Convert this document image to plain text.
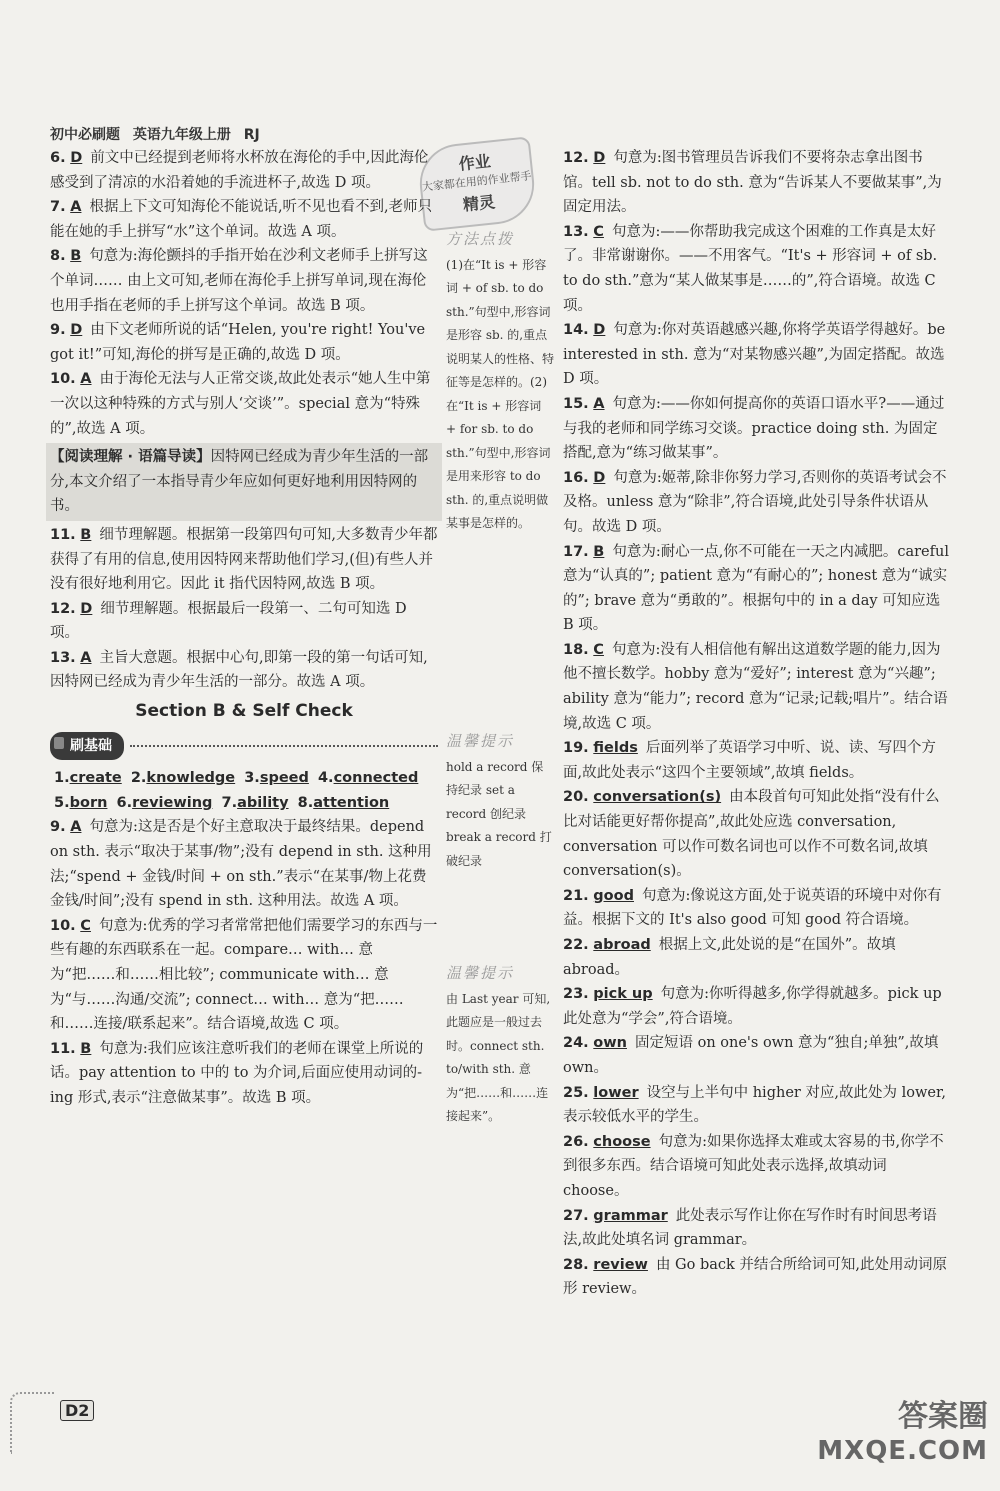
初中必刷题 英语九年级上册 RJ
作业
大家都在用的作业帮手

精灵
6. D 前文中已经提到老师将水杯放在海伦的手中,因此海伦感受到了清凉的水沿着她的手流进杯子,故选 D 项。
7. A 根据上下文可知海伦不能说话,听不见也看不到,老师只能在她的手上拼写“水”这个单词。故选 A 项。
8. B 句意为:海伦颤抖的手指开始在沙利文老师手上拼写这个单词…… 由上文可知,老师在海伦手上拼写单词,现在海伦也用手指在老师的手上拼写这个单词。故选 B 项。
9. D 由下文老师所说的话“Helen, you're right! You've got it!”可知,海伦的拼写是正确的,故选 D 项。
10. A 由于海伦无法与人正常交谈,故此处表示“她人生中第一次以这种特殊的方式与别人‘交谈’”。special 意为“特殊的”,故选 A 项。
【阅读理解 · 语篇导读】因特网已经成为青少年生活的一部分,本文介绍了一本指导青少年应如何更好地利用因特网的书。
11. B 细节理解题。根据第一段第四句可知,大多数青少年都获得了有用的信息,使用因特网来帮助他们学习,(但)有些人并没有很好地利用它。因此 it 指代因特网,故选 B 项。
12. D 细节理解题。根据最后一段第一、二句可知选 D 项。
13. A 主旨大意题。根据中心句,即第一段的第一句话可知,因特网已经成为青少年生活的一部分。故选 A 项。
Section B & Self Check
刷基础
1.create 2.knowledge 3.speed 4.connected
5.born 6.reviewing 7.ability 8.attention
9. A 句意为:这是否是个好主意取决于最终结果。depend on sth. 表示“取决于某事/物”;没有 depend in sth. 这种用法;“spend + 金钱/时间 + on sth.”表示“在某事/物上花费金钱/时间”;没有 spend in sth. 这种用法。故选 A 项。
10. C 句意为:优秀的学习者常常把他们需要学习的东西与一些有趣的东西联系在一起。compare… with… 意为“把……和……相比较”; communicate with… 意为“与……沟通/交流”; connect… with… 意为“把……和……连接/联系起来”。结合语境,故选 C 项。
11. B 句意为:我们应该注意听我们的老师在课堂上所说的话。pay attention to 中的 to 为介词,后面应使用动词的-ing 形式,表示“注意做某事”。故选 B 项。
方法点拨
(1)在“It is + 形容词 + of sb. to do sth.”句型中,形容词是形容 sb. 的,重点说明某人的性格、特征等是怎样的。(2)在“It is + 形容词 + for sb. to do sth.”句型中,形容词是用来形容 to do sth. 的,重点说明做某事是怎样的。
温馨提示
hold a record 保持纪录 set a record 创纪录 break a record 打破纪录
温馨提示
由 Last year 可知,此题应是一般过去时。connect sth. to/with sth. 意为“把……和……连接起来”。
12. D 句意为:图书管理员告诉我们不要将杂志拿出图书馆。tell sb. not to do sth. 意为“告诉某人不要做某事”,为固定用法。
13. C 句意为:——你帮助我完成这个困难的工作真是太好了。非常谢谢你。——不用客气。“It's + 形容词 + of sb. to do sth.”意为“某人做某事是……的”,符合语境。故选 C 项。
14. D 句意为:你对英语越感兴趣,你将学英语学得越好。be interested in sth. 意为“对某物感兴趣”,为固定搭配。故选 D 项。
15. A 句意为:——你如何提高你的英语口语水平?——通过与我的老师和同学练习交谈。practice doing sth. 为固定搭配,意为“练习做某事”。
16. D 句意为:姬蒂,除非你努力学习,否则你的英语考试会不及格。unless 意为“除非”,符合语境,此处引导条件状语从句。故选 D 项。
17. B 句意为:耐心一点,你不可能在一天之内减肥。careful 意为“认真的”; patient 意为“有耐心的”; honest 意为“诚实的”; brave 意为“勇敢的”。根据句中的 in a day 可知应选 B 项。
18. C 句意为:没有人相信他有解出这道数学题的能力,因为他不擅长数学。hobby 意为“爱好”; interest 意为“兴趣”; ability 意为“能力”; record 意为“记录;记载;唱片”。结合语境,故选 C 项。
19. fields 后面列举了英语学习中听、说、读、写四个方面,故此处表示“这四个主要领域”,故填 fields。
20. conversation(s) 由本段首句可知此处指“没有什么比对话能更好帮你提高”,故此处应选 conversation, conversation 可以作可数名词也可以作不可数名词,故填 conversation(s)。
21. good 句意为:像说这方面,处于说英语的环境中对你有益。根据下文的 It's also good 可知 good 符合语境。
22. abroad 根据上文,此处说的是“在国外”。故填 abroad。
23. pick up 句意为:你听得越多,你学得就越多。pick up 此处意为“学会”,符合语境。
24. own 固定短语 on one's own 意为“独自;单独”,故填 own。
25. lower 设空与上半句中 higher 对应,故此处为 lower,表示较低水平的学生。
26. choose 句意为:如果你选择太难或太容易的书,你学不到很多东西。结合语境可知此处表示选择,故填动词 choose。
27. grammar 此处表示写作让你在写作时有时间思考语法,故此处填名词 grammar。
28. review 由 Go back 并结合所给词可知,此处用动词原形 review。
D2	答案圈
MXQE.COM
